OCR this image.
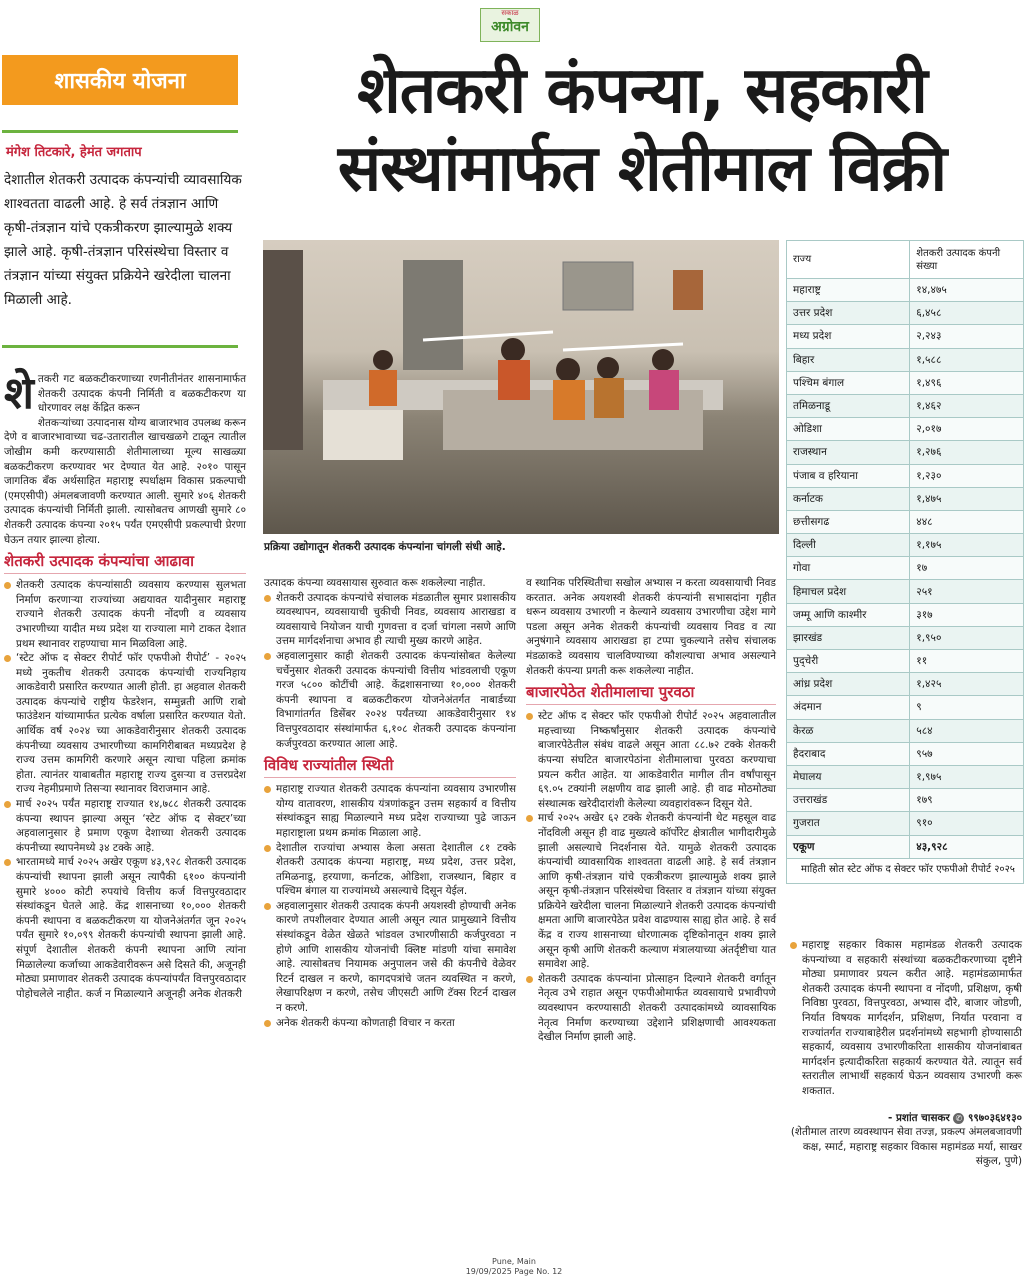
सकाळ
अग्रोवन
शासकीय योजना	शेतकरी कंपन्या, सहकारी
संस्थांमार्फत शेतीमाल विक्री
मंगेश तिटकारे, हेमंत जगताप
देशातील शेतकरी उत्पादक कंपन्यांची व्यावसायिक शाश्वतता वाढली आहे. हे सर्व तंत्रज्ञान आणि कृषी-तंत्रज्ञान यांचे एकत्रीकरण झाल्यामुळे शक्य झाले आहे. कृषी-तंत्रज्ञान परिसंस्थेचा विस्तार व तंत्रज्ञान यांच्या संयुक्त प्रक्रियेने खरेदीला चालना मिळाली आहे.
प्रक्रिया उद्योगातून शेतकरी उत्पादक कंपन्यांना चांगली संधी आहे.
शे तकरी गट बळकटीकरणाच्या रणनीतीनंतर शासनामार्फत शेतकरी उत्पादक कंपनी निर्मिती व बळकटीकरण या धोरणावर लक्ष केंद्रित करून
शेतकऱ्यांच्या उत्पादनास योग्य बाजारभाव उपलब्ध करून देणे व बाजारभावाच्या चढ-उतारातील खाचखळगे टाळून त्यातील जोखीम कमी करण्यासाठी शेतीमालाच्या मूल्य साखळ्या बळकटीकरण करण्यावर भर देण्यात येत आहे. २०१० पासून जागतिक बँक अर्थसाहित महाराष्ट्र स्पर्धाक्षम विकास प्रकल्पाची (एमएसीपी) अंमलबजावणी करण्यात आली. सुमारे ४०६ शेतकरी उत्पादक कंपन्यांची निर्मिती झाली. त्यासोबतच आणखी सुमारे ८० शेतकरी उत्पादक कंपन्या २०१५ पर्यंत एमएसीपी प्रकल्पाची प्रेरणा घेऊन तयार झाल्या होत्या.
शेतकरी उत्पादक कंपन्यांचा आढावा
शेतकरी उत्पादक कंपन्यांसाठी व्यवसाय करण्यास सुलभता निर्माण करणाऱ्या राज्यांच्या अद्ययावत यादीनुसार महाराष्ट्र राज्याने शेतकरी उत्पादक कंपनी नोंदणी व व्यवसाय उभारणीच्या यादीत मध्य प्रदेश या राज्याला मागे टाकत देशात प्रथम स्थानावर राहण्याचा मान मिळविला आहे.
‘स्टेट ऑफ द सेक्टर रीपोर्ट फॉर एफपीओ रीपोर्ट’ - २०२५ मध्ये नुकतीच शेतकरी उत्पादक कंपन्यांची राज्यनिहाय आकडेवारी प्रसारित करण्यात आली होती. हा अहवाल शेतकरी उत्पादक कंपन्यांचे राष्ट्रीय फेडरेशन, सम्मुन्नती आणि राबो फाउंडेशन यांच्यामार्फत प्रत्येक वर्षाला प्रसारित करण्यात येतो. आर्थिक वर्ष २०२४ च्या आकडेवारीनुसार शेतकरी उत्पादक कंपनीच्या व्यवसाय उभारणीच्या कामगिरीबाबत मध्यप्रदेश हे राज्य उत्तम कामगिरी करणारे असून त्याचा पहिला क्रमांक होता. त्यानंतर याबाबतीत महाराष्ट्र राज्य दुसऱ्या व उत्तरप्रदेश राज्य नेहमीप्रमाणे तिसऱ्या स्थानावर विराजमान आहे.
मार्च २०२५ पर्यंत महाराष्ट्र राज्यात १४,७८८ शेतकरी उत्पादक कंपन्या स्थापन झाल्या असून ‘स्टेट ऑफ द सेक्टर’च्या अहवालानुसार हे प्रमाण एकूण देशाच्या शेतकरी उत्पादक कंपनीच्या स्थापनेमध्ये ३४ टक्के आहे.
भारतामध्ये मार्च २०२५ अखेर एकूण ४३,९२८ शेतकरी उत्पादक कंपन्यांची स्थापना झाली असून त्यापैकी ६१०० कंपन्यांनी सुमारे ४००० कोटी रुपयांचे वित्तीय कर्ज वित्तपुरवठादार संस्थांकडून घेतले आहे. केंद्र शासनाच्या १०,००० शेतकरी कंपनी स्थापना व बळकटीकरण या योजनेअंतर्गत जून २०२५ पर्यंत सुमारे १०,०९९ शेतकरी कंपन्यांची स्थापना झाली आहे. संपूर्ण देशातील शेतकरी कंपनी स्थापना आणि त्यांना मिळालेल्या कर्जाच्या आकडेवारीवरून असे दिसते की, अजूनही मोठ्या प्रमाणावर शेतकरी उत्पादक कंपन्यांपर्यंत वित्तपुरवठादार पोहोचलेले नाहीत. कर्ज न मिळाल्याने अजूनही अनेक शेतकरी
उत्पादक कंपन्या व्यवसायास सुरुवात करू शकलेल्या नाहीत.
शेतकरी उत्पादक कंपन्यांचे संचालक मंडळातील सुमार प्रशासकीय व्यवस्थापन, व्यवसायाची चुकीची निवड, व्यवसाय आराखडा व व्यवसायाचे नियोजन याची गुणवत्ता व दर्जा चांगला नसणे आणि उत्तम मार्गदर्शनाचा अभाव ही त्याची मुख्य कारणे आहेत.
अहवालानुसार काही शेतकरी उत्पादक कंपन्यांसोबत केलेल्या चर्चेनुसार शेतकरी उत्पादक कंपन्यांची वित्तीय भांडवलाची एकूण गरज ५८०० कोटींची आहे. केंद्रशासनाच्या १०,००० शेतकरी कंपनी स्थापना व बळकटीकरण योजनेअंतर्गत नाबार्डच्या विभागांतर्गत डिसेंबर २०२४ पर्यंतच्या आकडेवारीनुसार १४ वित्तपुरवठादार संस्थांमार्फत ६,१०८ शेतकरी उत्पादक कंपन्यांना कर्जपुरवठा करण्यात आला आहे.
विविध राज्यांतील स्थिती
महाराष्ट्र राज्यात शेतकरी उत्पादक कंपन्यांना व्यवसाय उभारणीस योग्य वातावरण, शासकीय यंत्रणांकडून उत्तम सहकार्य व वित्तीय संस्थांकडून साह्य मिळाल्याने मध्य प्रदेश राज्याच्या पुढे जाऊन महाराष्ट्राला प्रथम क्रमांक मिळाला आहे.
देशातील राज्यांचा अभ्यास केला असता देशातील ८१ टक्के शेतकरी उत्पादक कंपन्या महाराष्ट्र, मध्य प्रदेश, उत्तर प्रदेश, तमिळनाडू, हरयाणा, कर्नाटक, ओडिशा, राजस्थान, बिहार व पश्चिम बंगाल या राज्यांमध्ये असल्याचे दिसून येईल.
अहवालानुसार शेतकरी उत्पादक कंपनी अयशस्वी होण्याची अनेक कारणे तपशीलवार देण्यात आली असून त्यात प्रामुख्याने वित्तीय संस्थांकडून वेळेत खेळते भांडवल उभारणीसाठी कर्जपुरवठा न होणे आणि शासकीय योजनांची क्लिष्ट मांडणी यांचा समावेश आहे. त्यासोबतच नियामक अनुपालन जसे की कंपनीचे वेळेवर रिटर्न दाखल न करणे, कागदपत्रांचे जतन व्यवस्थित न करणे, लेखापरिक्षण न करणे, तसेच जीएसटी आणि टॅक्स रिटर्न दाखल न करणे.
अनेक शेतकरी कंपन्या कोणताही विचार न करता
व स्थानिक परिस्थितीचा सखोल अभ्यास न करता व्यवसायाची निवड करतात. अनेक अयशस्वी शेतकरी कंपन्यांनी सभासदांना गृहीत धरून व्यवसाय उभारणी न केल्याने व्यवसाय उभारणीचा उद्देश मागे पडला असून अनेक शेतकरी कंपन्यांची व्यवसाय निवड व त्या अनुषंगाने व्यवसाय आराखडा हा टप्पा चुकल्याने तसेच संचालक मंडळाकडे व्यवसाय चालविण्याच्या कौशल्याचा अभाव असल्याने शेतकरी कंपन्या प्रगती करू शकलेल्या नाहीत.
बाजारपेठेत शेतीमालाचा पुरवठा
स्टेट ऑफ द सेक्टर फॉर एफपीओ रीपोर्ट २०२५ अहवालातील महत्त्वाच्या निष्कर्षांनुसार शेतकरी उत्पादक कंपन्यांचे बाजारपेठेतील संबंध वाढले असून आता ८८.७२ टक्के शेतकरी कंपन्या संघटित बाजारपेठांना शेतीमालाचा पुरवठा करण्याचा प्रयत्न करीत आहेत. या आकडेवारीत मागील तीन वर्षांपासून ६९.०५ टक्यांनी लक्षणीय वाढ झाली आहे. ही वाढ मोठमोठ्या संस्थात्मक खरेदीदारांशी केलेल्या व्यवहारांवरून दिसून येते.
मार्च २०२५ अखेर ६२ टक्के शेतकरी कंपन्यांनी थेट महसूल वाढ नोंदविली असून ही वाढ मुख्यत्वे कॉर्पोरेट क्षेत्रातील भागीदारीमुळे झाली असल्याचे निदर्शनास येते. यामुळे शेतकरी उत्पादक कंपन्यांची व्यावसायिक शाश्वतता वाढली आहे. हे सर्व तंत्रज्ञान आणि कृषी-तंत्रज्ञान यांचे एकत्रीकरण झाल्यामुळे शक्य झाले असून कृषी-तंत्रज्ञान परिसंस्थेचा विस्तार व तंत्रज्ञान यांच्या संयुक्त प्रक्रियेने खरेदीला चालना मिळाल्याने शेतकरी उत्पादक कंपन्यांची क्षमता आणि बाजारपेठेत प्रवेश वाढण्यास साह्य होत आहे. हे सर्व केंद्र व राज्य शासनाच्या धोरणात्मक दृष्टिकोनातून शक्य झाले असून कृषी आणि शेतकरी कल्याण मंत्रालयाच्या अंतर्दृष्टीचा यात समावेश आहे.
शेतकरी उत्पादक कंपन्यांना प्रोत्साहन दिल्याने शेतकरी वर्गातून नेतृत्व उभे राहात असून एफपीओमार्फत व्यवसायाचे प्रभावीपणे व्यवस्थापन करण्यासाठी शेतकरी उत्पादकांमध्ये व्यावसायिक नेतृत्व निर्माण करण्याच्या उद्देशाने प्रशिक्षणाची आवश्यकता देखील निर्माण झाली आहे.
राज्य	शेतकरी उत्पादक कंपनी संख्या
महाराष्ट्र	१४,४७५
उत्तर प्रदेश	६,४५८
मध्य प्रदेश	२,२४३
बिहार	१,५८८
पश्चिम बंगाल	१,४९६
तमिळनाडू	१,४६२
ओडिशा	२,०१७
राजस्थान	१,२७६
पंजाब व हरियाना	१,२३०
कर्नाटक	१,४७५
छत्तीसगढ	४४८
दिल्ली	१,१७५
गोवा	१७
हिमाचल प्रदेश	२५१
जम्मू आणि काश्मीर	३१७
झारखंड	१,९५०
पुद्चेरी	११
आंध्र प्रदेश	१,४२५
अंदमान	९
केरळ	५८४
हैदराबाद	९५७
मेघालय	१,९७५
उत्तराखंड	१७९
गुजरात	९१०
एकूण	४३,९२८
माहिती स्रोत स्टेट ऑफ द सेक्टर फॉर एफपीओ रीपोर्ट २०२५
महाराष्ट्र सहकार विकास महामंडळ शेतकरी उत्पादक कंपन्यांच्या व सहकारी संस्थांच्या बळकटीकरणाच्या दृष्टीने मोठ्या प्रमाणावर प्रयत्न करीत आहे. महामंडळामार्फत शेतकरी उत्पादक कंपनी स्थापना व नोंदणी, प्रशिक्षण, कृषी निविष्ठा पुरवठा, वित्तपुरवठा, अभ्यास दौरे, बाजार जोडणी, निर्यात विषयक मार्गदर्शन, प्रशिक्षण, निर्यात परवाना व राज्यांतर्गत राज्याबाहेरील प्रदर्शनांमध्ये सहभागी होण्यासाठी सहकार्य, व्यवसाय उभारणीकरिता शासकीय योजनांबाबत मार्गदर्शन इत्यादीकरिता सहकार्य करण्यात येते. त्यातून सर्व स्तरातील लाभार्थी सहकार्य घेऊन व्यवसाय उभारणी करू शकतात.
- प्रशांत चासकर ✆ ९९७०३६४१३०
(शेतीमाल तारण व्यवस्थापन सेवा तज्ज्ञ, प्रकल्प अंमलबजावणी कक्ष, स्मार्ट, महाराष्ट्र सहकार विकास महामंडळ मर्या, साखर संकुल, पुणे)
Pune, Main
19/09/2025 Page No. 12
